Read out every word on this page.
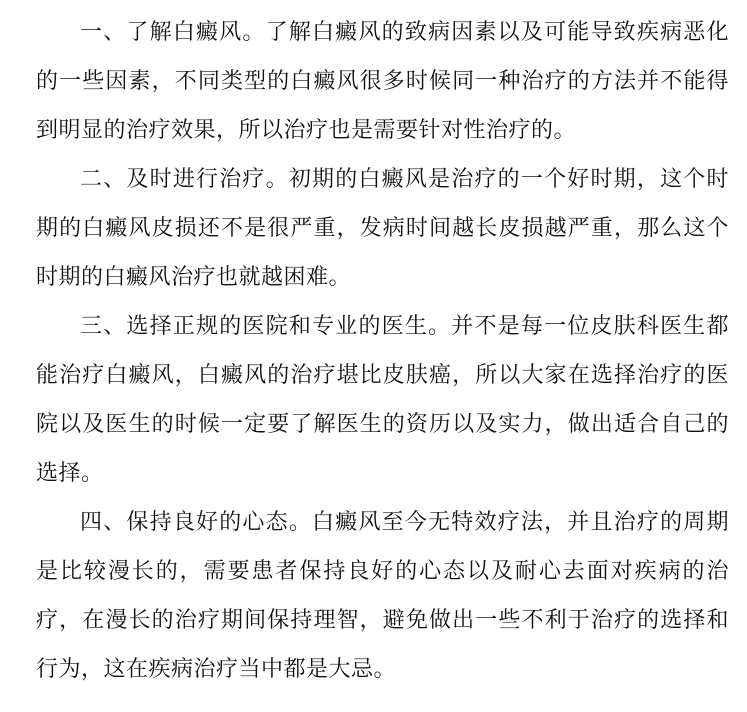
一、了解白癜风。了解白癜风的致病因素以及可能导致疾病恶化的一些因素，不同类型的白癜风很多时候同一种治疗的方法并不能得到明显的治疗效果，所以治疗也是需要针对性治疗的。

二、及时进行治疗。初期的白癜风是治疗的一个好时期，这个时期的白癜风皮损还不是很严重，发病时间越长皮损越严重，那么这个时期的白癜风治疗也就越困难。

三、选择正规的医院和专业的医生。并不是每一位皮肤科医生都能治疗白癜风，白癜风的治疗堪比皮肤癌，所以大家在选择治疗的医院以及医生的时候一定要了解医生的资历以及实力，做出适合自己的选择。

四、保持良好的心态。白癜风至今无特效疗法，并且治疗的周期是比较漫长的，需要患者保持良好的心态以及耐心去面对疾病的治疗，在漫长的治疗期间保持理智，避免做出一些不利于治疗的选择和行为，这在疾病治疗当中都是大忌。
